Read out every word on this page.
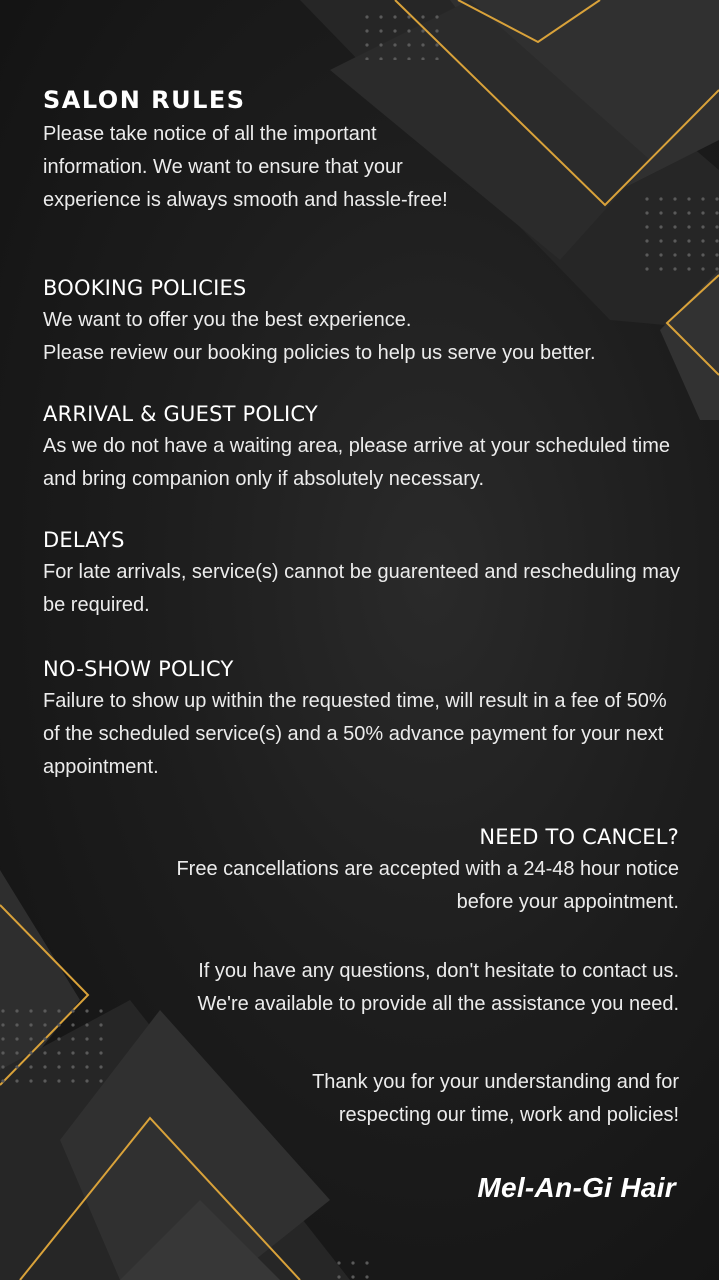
SALON RULES
Please take notice of all the important
information. We want to ensure that your
experience is always smooth and hassle-free!
BOOKING POLICIES
We want to offer you the best experience.
Please review our booking policies to help us serve you better.
ARRIVAL & GUEST POLICY
As we do not have a waiting area, please arrive at your scheduled time
and bring companion only if absolutely necessary.
DELAYS
For late arrivals, service(s) cannot be guarenteed and rescheduling may
be required.
NO-SHOW POLICY
Failure to show up within the requested time, will result in a fee of 50%
of the scheduled service(s) and a 50% advance payment for your next
appointment.
NEED TO CANCEL?
Free cancellations are accepted with a 24-48 hour notice
before your appointment.
If you have any questions, don't hesitate to contact us.
We're available to provide all the assistance you need.
Thank you for your understanding and for
respecting our time, work and policies!
Mel-An-Gi Hair
